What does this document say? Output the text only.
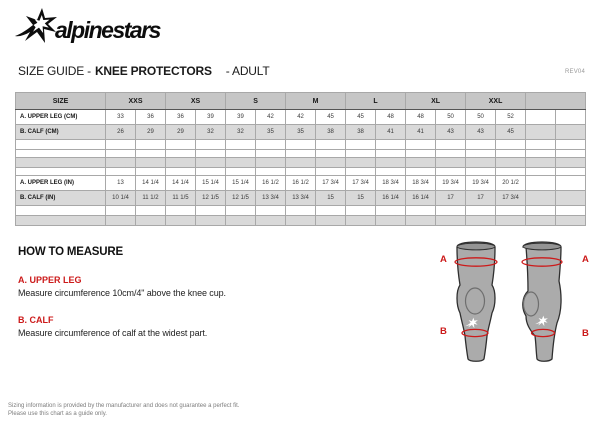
alpinestars
SIZE GUIDE - KNEE PROTECTORS - ADULT	REV04
SIZE	XXS		XS		S		M		L		XL		XXL			
A. UPPER LEG (CM)	33	36	36	39	39	42	42	45	45	48	48	50	50	52		
B. CALF (CM)	26	29	29	32	32	35	35	38	38	41	41	43	43	45		

A. UPPER LEG (IN)	13	14 1/4	14 1/4	15 1/4	15 1/4	16 1/2	16 1/2	17 3/4	17 3/4	18 3/4	18 3/4	19 3/4	19 3/4	20 1/2		
B. CALF (IN)	10 1/4	11 1/2	11 1/5	12 1/5	12 1/5	13 3/4	13 3/4	15	15	16 1/4	16 1/4	17	17	17 3/4		

HOW TO MEASURE
A. UPPER LEG
Measure circumference 10cm/4" above the knee cup.
B. CALF
Measure circumference of calf at the widest part.
A	A
B	B
Sizing information is provided by the manufacturer and does not guarantee a perfect fit.
Please use this chart as a guide only.
